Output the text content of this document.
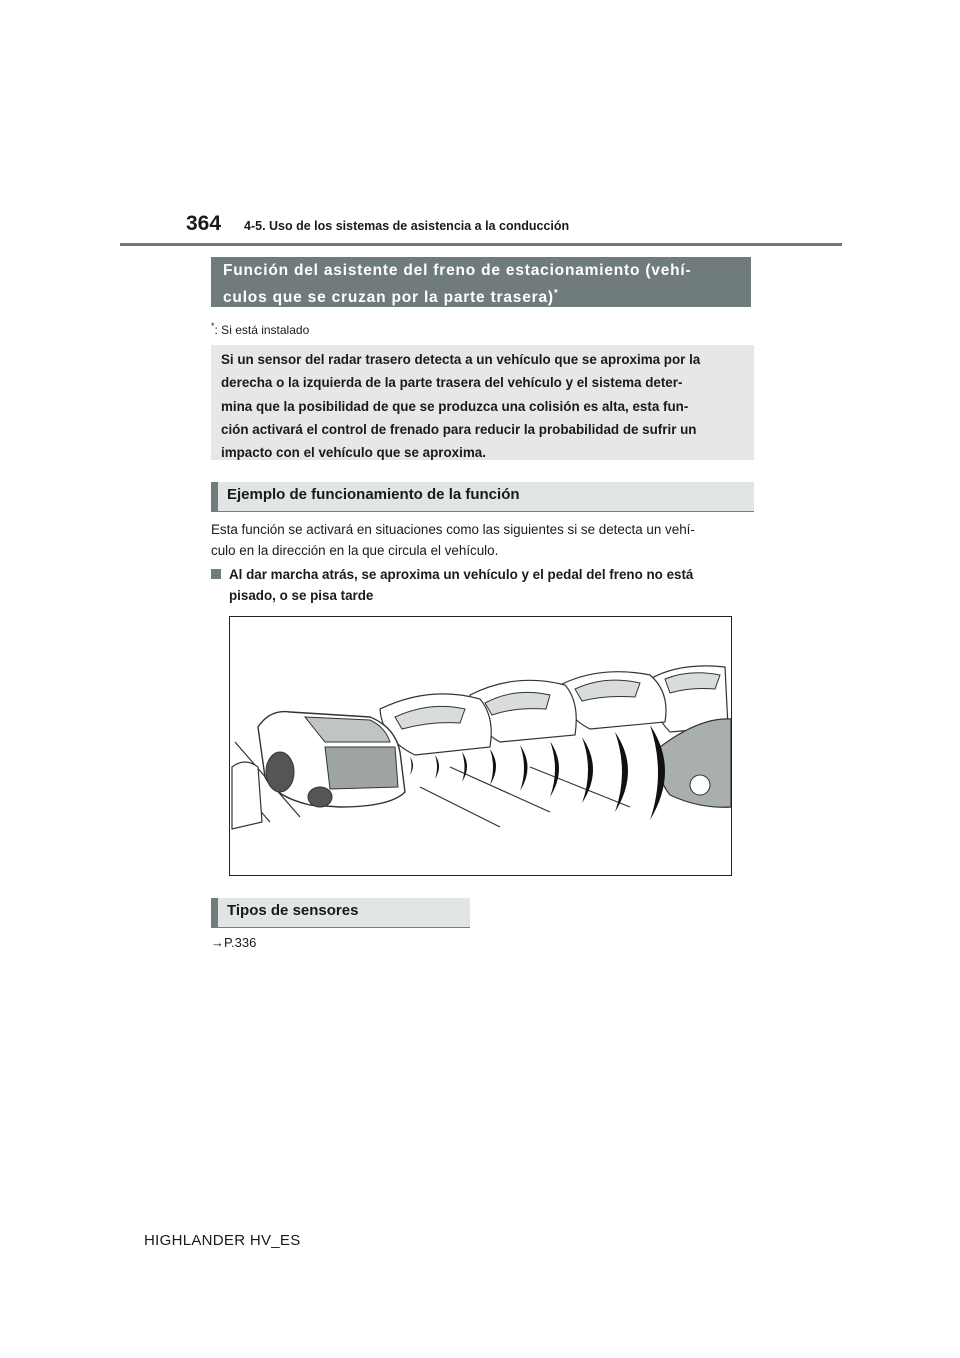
364 4-5. Uso de los sistemas de asistencia a la conducción
Función del asistente del freno de estacionamiento (vehí-
culos que se cruzan por la parte trasera)*
*: Si está instalado
Si un sensor del radar trasero detecta a un vehículo que se aproxima por la
derecha o la izquierda de la parte trasera del vehículo y el sistema deter-
mina que la posibilidad de que se produzca una colisión es alta, esta fun-
ción activará el control de frenado para reducir la probabilidad de sufrir un
impacto con el vehículo que se aproxima.
Ejemplo de funcionamiento de la función
Esta función se activará en situaciones como las siguientes si se detecta un vehí-
culo en la dirección en la que circula el vehículo.
Al dar marcha atrás, se aproxima un vehículo y el pedal del freno no está
pisado, o se pisa tarde
Tipos de sensores
→P.336
HIGHLANDER HV_ES
